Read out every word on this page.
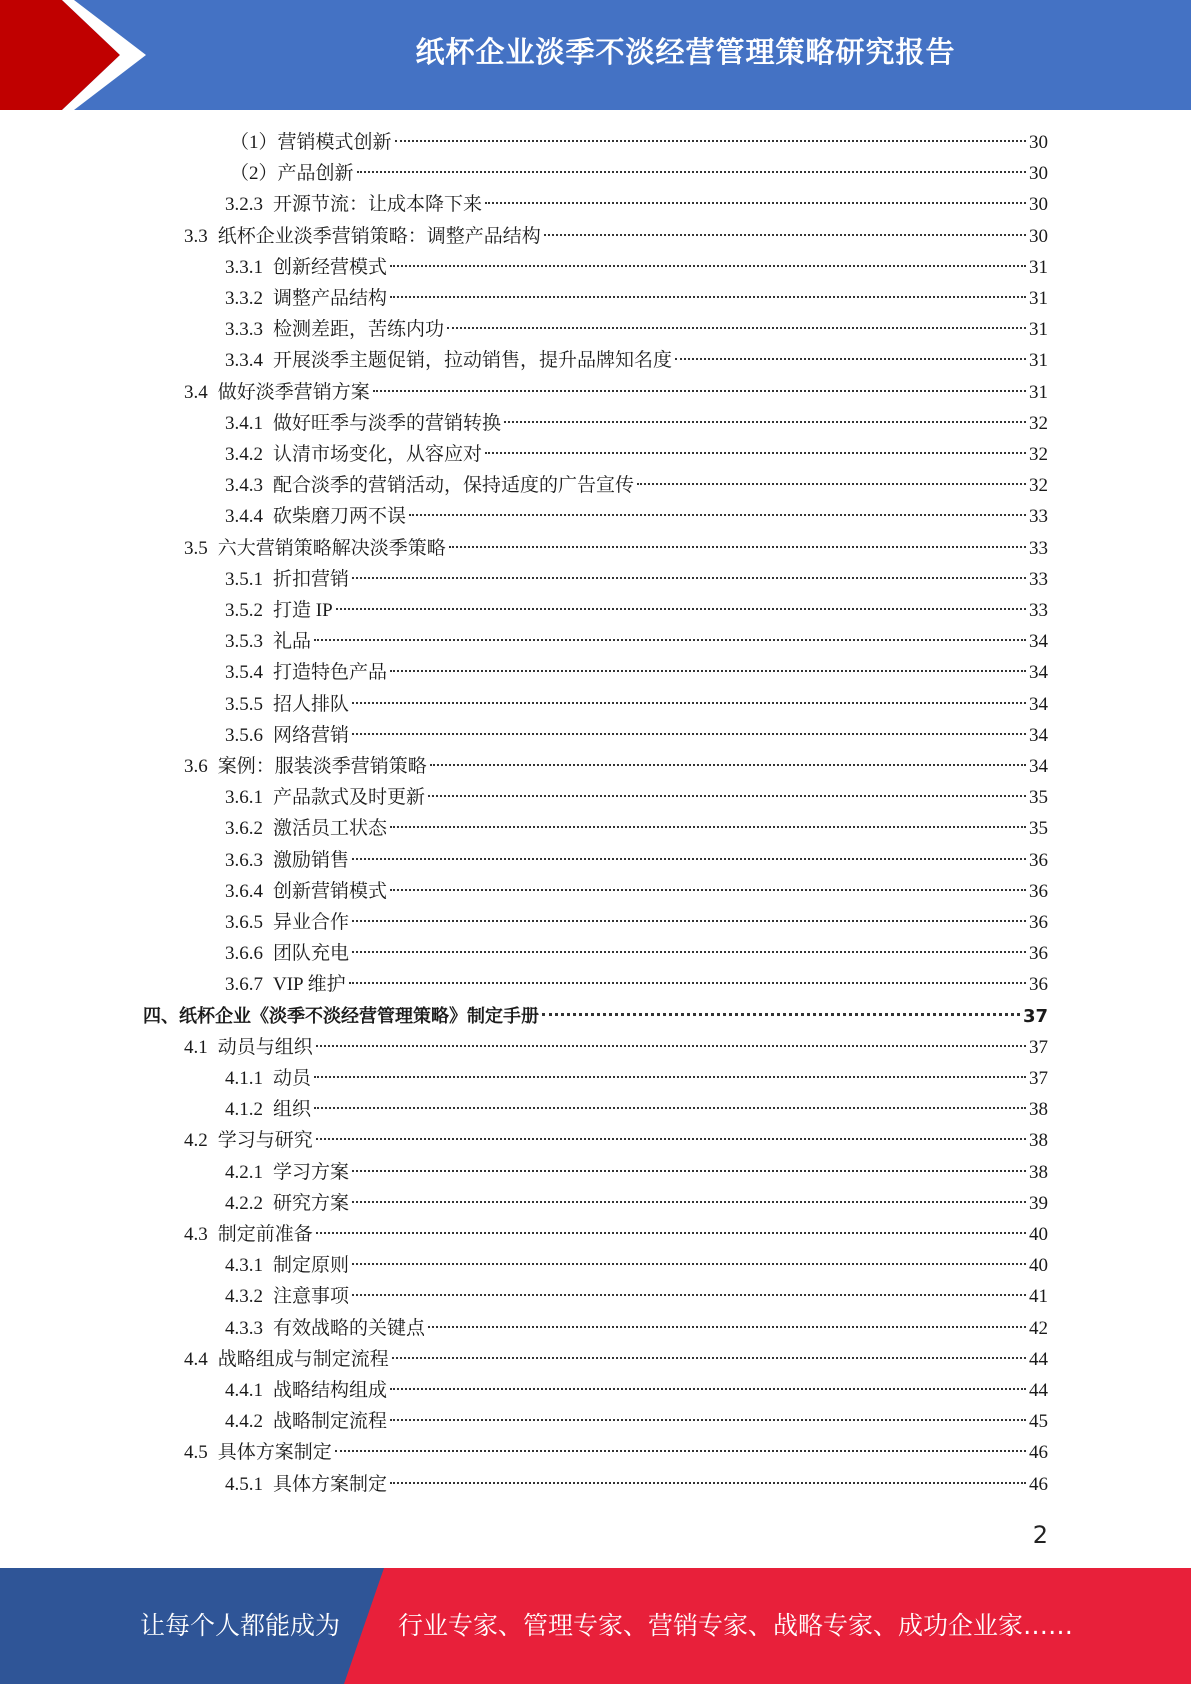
纸杯企业淡季不淡经营管理策略研究报告
（1）营销模式创新	30
（2）产品创新	30
3.2.3 开源节流：让成本降下来	30
3.3 纸杯企业淡季营销策略：调整产品结构	30
3.3.1 创新经营模式	31
3.3.2 调整产品结构	31
3.3.3 检测差距，苦练内功	31
3.3.4 开展淡季主题促销，拉动销售，提升品牌知名度	31
3.4 做好淡季营销方案	31
3.4.1 做好旺季与淡季的营销转换	32
3.4.2 认清市场变化，从容应对	32
3.4.3 配合淡季的营销活动，保持适度的广告宣传	32
3.4.4 砍柴磨刀两不误	33
3.5 六大营销策略解决淡季策略	33
3.5.1 折扣营销	33
3.5.2 打造 IP	33
3.5.3 礼品	34
3.5.4 打造特色产品	34
3.5.5 招人排队	34
3.5.6 网络营销	34
3.6 案例：服装淡季营销策略	34
3.6.1 产品款式及时更新	35
3.6.2 激活员工状态	35
3.6.3 激励销售	36
3.6.4 创新营销模式	36
3.6.5 异业合作	36
3.6.6 团队充电	36
3.6.7 VIP 维护	36
四、纸杯企业《淡季不淡经营管理策略》制定手册	37
4.1 动员与组织	37
4.1.1 动员	37
4.1.2 组织	38
4.2 学习与研究	38
4.2.1 学习方案	38
4.2.2 研究方案	39
4.3 制定前准备	40
4.3.1 制定原则	40
4.3.2 注意事项	41
4.3.3 有效战略的关键点	42
4.4 战略组成与制定流程	44
4.4.1 战略结构组成	44
4.4.2 战略制定流程	45
4.5 具体方案制定	46
4.5.1 具体方案制定	46
2
让每个人都能成为 行业专家、管理专家、营销专家、战略专家、成功企业家……
